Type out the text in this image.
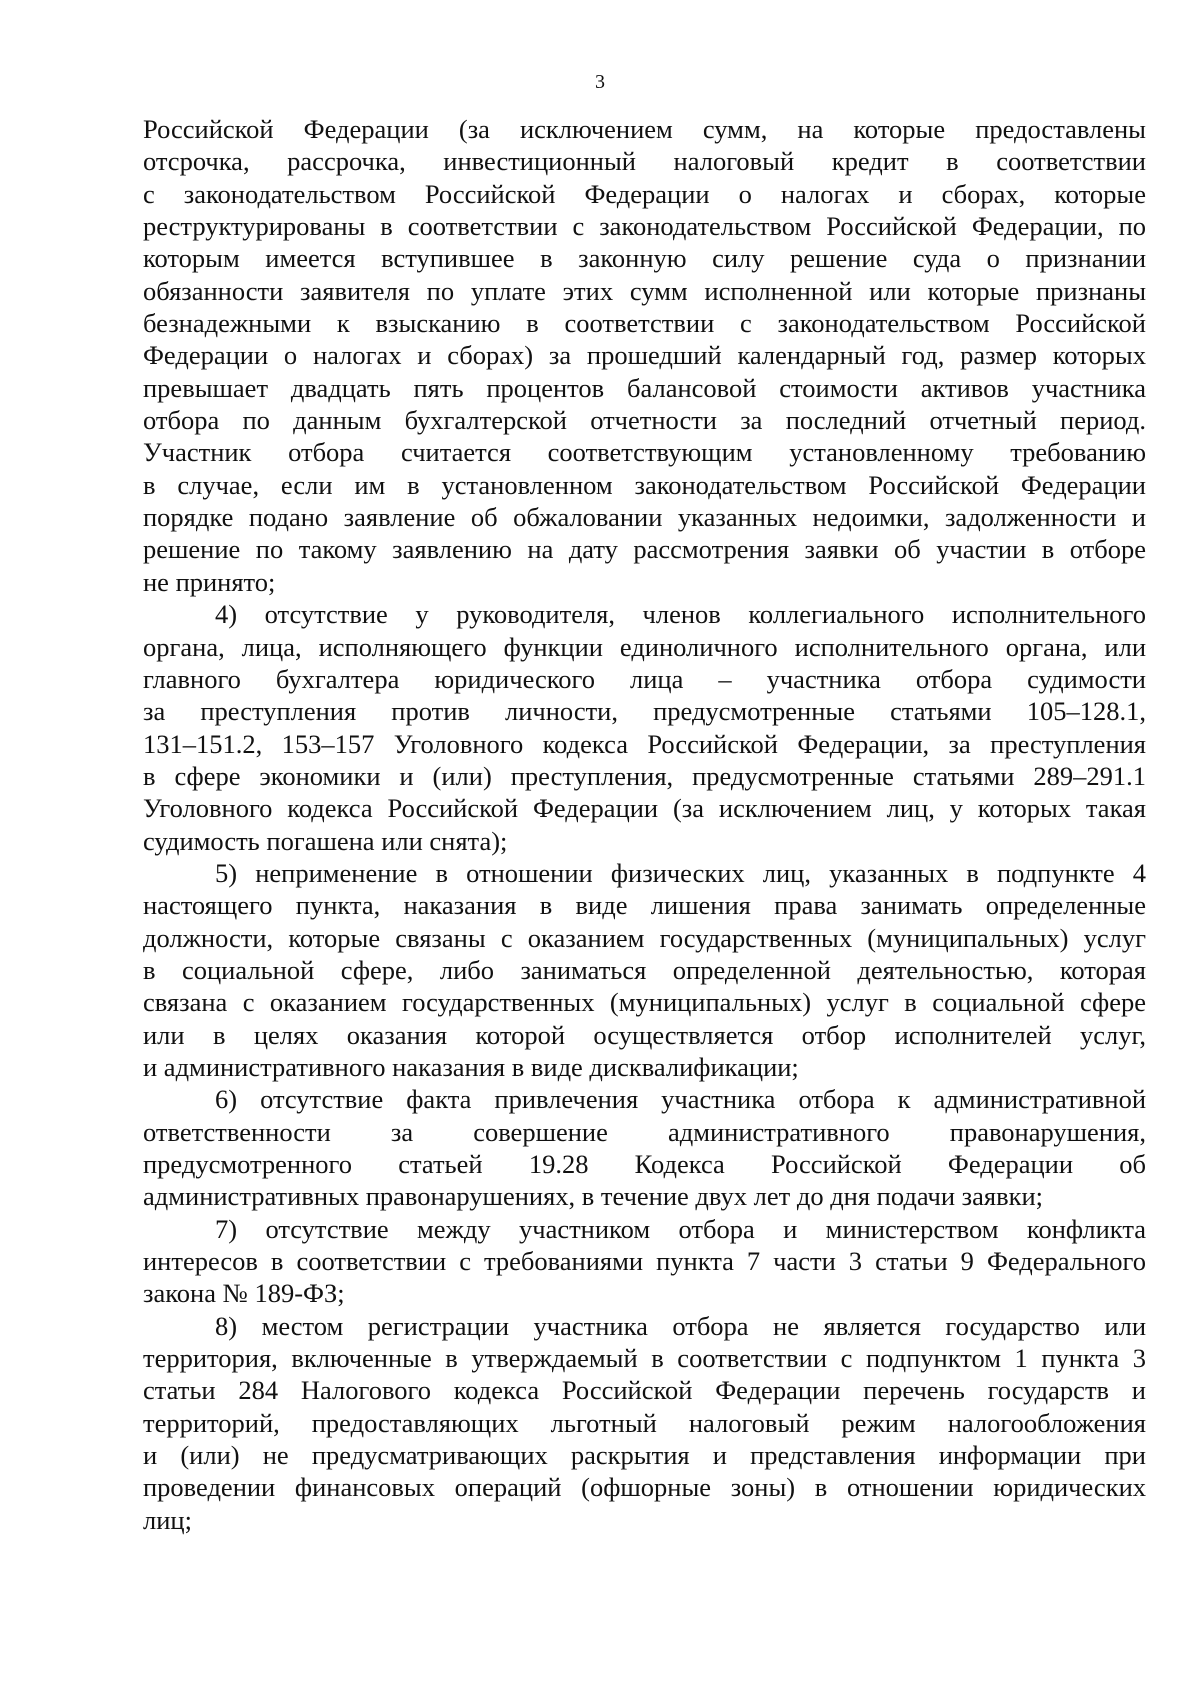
3
Российской Федерации (за исключением сумм, на которые предоставлены
отсрочка, рассрочка, инвестиционный налоговый кредит в соответствии
с законодательством Российской Федерации о налогах и сборах, которые
реструктурированы в соответствии с законодательством Российской Федерации, по
которым имеется вступившее в законную силу решение суда о признании
обязанности заявителя по уплате этих сумм исполненной или которые признаны
безнадежными к взысканию в соответствии с законодательством Российской
Федерации о налогах и сборах) за прошедший календарный год, размер которых
превышает двадцать пять процентов балансовой стоимости активов участника
отбора по данным бухгалтерской отчетности за последний отчетный период.
Участник отбора считается соответствующим установленному требованию
в случае, если им в установленном законодательством Российской Федерации
порядке подано заявление об обжаловании указанных недоимки, задолженности и
решение по такому заявлению на дату рассмотрения заявки об участии в отборе
не принято;
4) отсутствие у руководителя, членов коллегиального исполнительного
органа, лица, исполняющего функции единоличного исполнительного органа, или
главного бухгалтера юридического лица – участника отбора судимости
за преступления против личности, предусмотренные статьями 105–128.1,
131–151.2, 153–157 Уголовного кодекса Российской Федерации, за преступления
в сфере экономики и (или) преступления, предусмотренные статьями 289–291.1
Уголовного кодекса Российской Федерации (за исключением лиц, у которых такая
судимость погашена или снята);
5) неприменение в отношении физических лиц, указанных в подпункте 4
настоящего пункта, наказания в виде лишения права занимать определенные
должности, которые связаны с оказанием государственных (муниципальных) услуг
в социальной сфере, либо заниматься определенной деятельностью, которая
связана с оказанием государственных (муниципальных) услуг в социальной сфере
или в целях оказания которой осуществляется отбор исполнителей услуг,
и административного наказания в виде дисквалификации;
6) отсутствие факта привлечения участника отбора к административной
ответственности за совершение административного правонарушения,
предусмотренного статьей 19.28 Кодекса Российской Федерации об
административных правонарушениях, в течение двух лет до дня подачи заявки;
7) отсутствие между участником отбора и министерством конфликта
интересов в соответствии с требованиями пункта 7 части 3 статьи 9 Федерального
закона № 189-ФЗ;
8) местом регистрации участника отбора не является государство или
территория, включенные в утверждаемый в соответствии с подпунктом 1 пункта 3
статьи 284 Налогового кодекса Российской Федерации перечень государств и
территорий, предоставляющих льготный налоговый режим налогообложения
и (или) не предусматривающих раскрытия и представления информации при
проведении финансовых операций (офшорные зоны) в отношении юридических
лиц;
